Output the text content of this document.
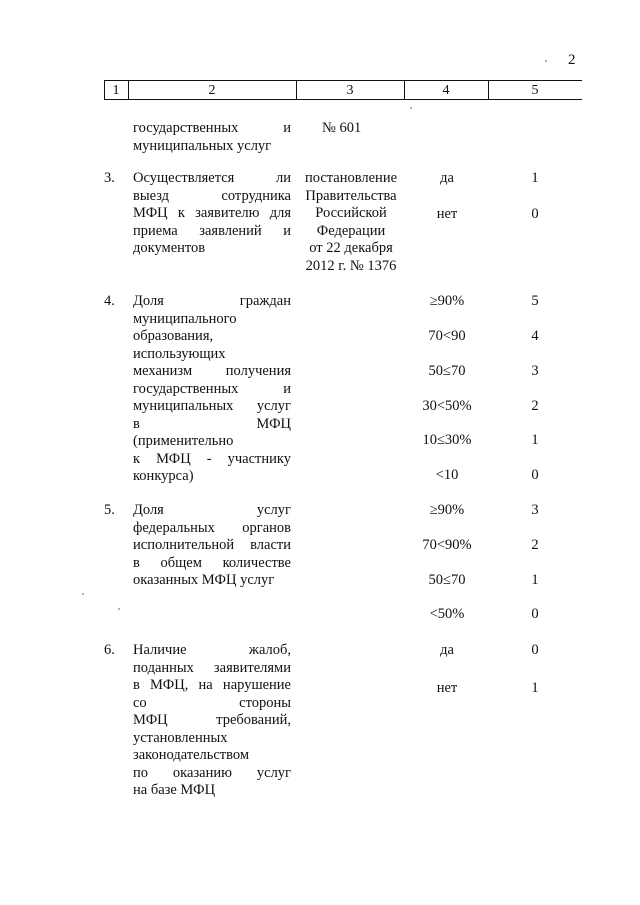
2
1	2	3	4	5
государственных и
муниципальных услуг
№ 601
3.	Осуществляется ли
выезд сотрудника
МФЦ к заявителю для
приема заявлений и
документов
постановление
Правительства
Российской
Федерации
от 22 декабря
2012 г. № 1376
да	1
нет	0
4.	Доля граждан
муниципального
образования,
использующих
механизм получения
государственных и
муниципальных услуг
в МФЦ
(применительно
к МФЦ - участнику
конкурса)
≥90%	5
70<90	4
50≤70	3
30<50%	2
10≤30%	1
<10	0
5.	Доля услуг
федеральных органов
исполнительной власти
в общем количестве
оказанных МФЦ услуг
≥90%	3
70<90%	2
50≤70	1
<50%	0
6.	Наличие жалоб,
поданных заявителями
в МФЦ, на нарушение
со стороны
МФЦ требований,
установленных
законодательством
по оказанию услуг
на базе МФЦ
да	0
нет	1
